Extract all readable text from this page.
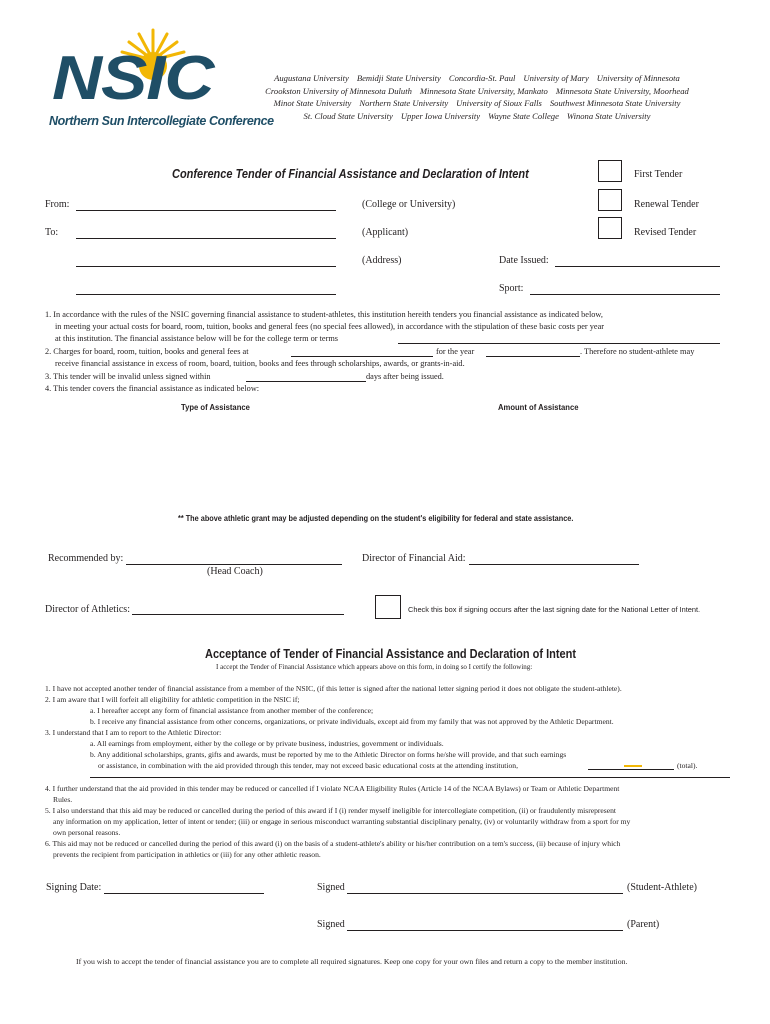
NSIC
Northern Sun Intercollegiate Conference
Augustana University Bemidji State University Concordia-St. Paul University of Mary University of Minnesota
Crookston University of Minnesota Duluth Minnesota State University, Mankato Minnesota State University, Moorhead
Minot State University Northern State University University of Sioux Falls Southwest Minnesota State University
St. Cloud State University Upper Iowa University Wayne State College Winona State University
Conference Tender of Financial Assistance and Declaration of Intent	First Tender
Renewal Tender
Revised Tender
From:	(College or University)
To:	(Applicant)
(Address)	Date Issued:
Sport:
1. In accordance with the rules of the NSIC governing financial assistance to student-athletes, this institution hereith tenders you financial assistance as indicated below,
in meeting your actual costs for board, room, tuition, books and general fees (no special fees allowed), in accordance with the stipulation of these basic costs per year
at this institution. The financial assistance below will be for the college term or terms
2. Charges for board, room, tuition, books and general fees at	for the year	. Therefore no student-athlete may
receive financial assistance in excess of room, board, tuition, books and fees through scholarships, awards, or grants-in-aid.
3. This tender will be invalid unless signed within	days after being issued.
4. This tender covers the financial assistance as indicated below:
Type of Assistance	Amount of Assistance
** The above athletic grant may be adjusted depending on the student's eligibility for federal and state assistance.
Recommended by:
(Head Coach)
Director of Financial Aid:
Director of Athletics:	Check this box if signing occurs after the last signing date for the National Letter of Intent.
Acceptance of Tender of Financial Assistance and Declaration of Intent
I accept the Tender of Financial Assistance which appears above on this form, in doing so I certify the following:
1. I have not accepted another tender of financial assistance from a member of the NSIC, (if this letter is signed after the national letter signing period it does not obligate the student-athlete).
2. I am aware that I will forfeit all eligibility for athletic competition in the NSIC if;
a. I hereafter accept any form of financial assistance from another member of the conference;
b. I receive any financial assistance from other concerns, organizations, or private individuals, except aid from my family that was not approved by the Athletic Department.
3. I understand that I am to report to the Athletic Director:
a. All earnings from employment, either by the college or by private business, industries, government or individuals.
b. Any additional scholarships, grants, gifts and awards, must be reported by me to the Athletic Director on forms he/she will provide, and that such earnings
or assistance, in combination with the aid provided through this tender, may not exceed basic educational costs at the attending institution,	(total).
4. I further understand that the aid provided in this tender may be reduced or cancelled if I violate NCAA Eligibility Rules (Article 14 of the NCAA Bylaws) or Team or Athletic Department
Rules.
5. I also understand that this aid may be reduced or cancelled during the period of this award if I (i) render myself ineligible for intercollegiate competition, (ii) or fraudulently misrepresent
any information on my application, letter of intent or tender; (iii) or engage in serious misconduct warranting substantial disciplinary penalty, (iv) or voluntarily withdraw from a sport for my
own personal reasons.
6. This aid may not be reduced or cancelled during the period of this award (i) on the basis of a student-athlete's ability or his/her contribution on a tem's success, (ii) because of injury which
prevents the recipient from participation in athletics or (iii) for any other athletic reason.
Signing Date:	Signed	(Student-Athlete)
Signed	(Parent)
If you wish to accept the tender of financial assistance you are to complete all required signatures. Keep one copy for your own files and return a copy to the member institution.
